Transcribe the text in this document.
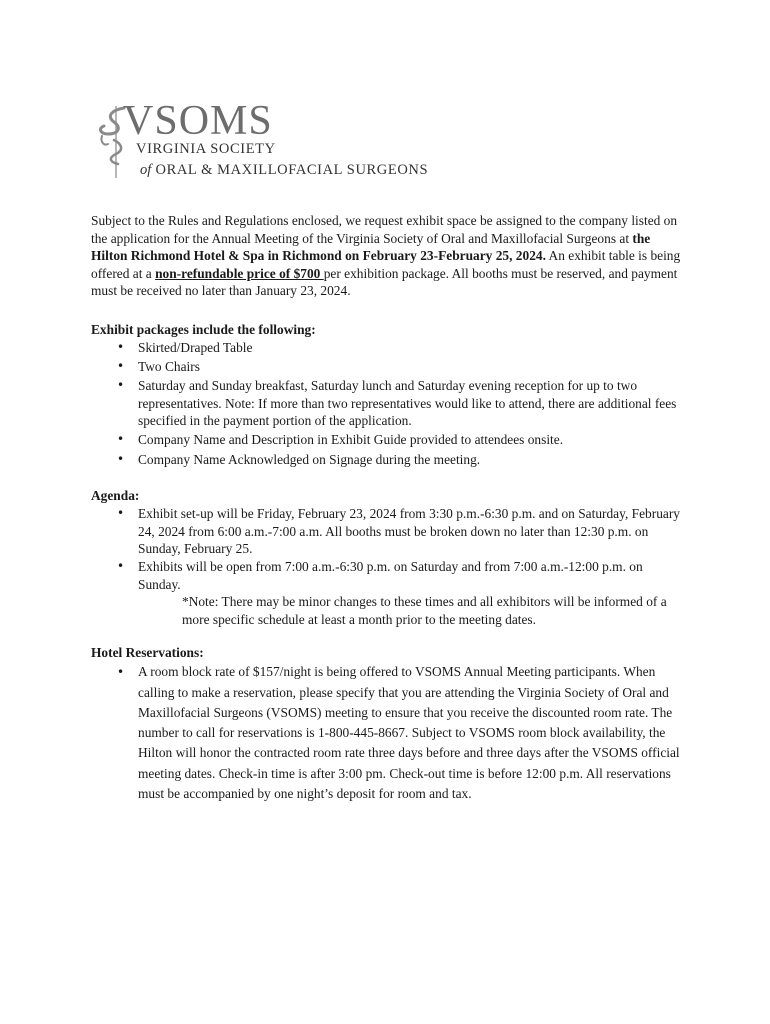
VSOMS
VIRGINIA SOCIETY
of ORAL & MAXILLOFACIAL SURGEONS

Subject to the Rules and Regulations enclosed, we request exhibit space be assigned to the company listed on the application for the Annual Meeting of the Virginia Society of Oral and Maxillofacial Surgeons at the Hilton Richmond Hotel & Spa in Richmond on February 23-February 25, 2024. An exhibit table is being offered at a non-refundable price of $700 per exhibition package. All booths must be reserved, and payment must be received no later than January 23, 2024.

Exhibit packages include the following:
• Skirted/Draped Table
• Two Chairs
• Saturday and Sunday breakfast, Saturday lunch and Saturday evening reception for up to two representatives. Note: If more than two representatives would like to attend, there are additional fees specified in the payment portion of the application.
• Company Name and Description in Exhibit Guide provided to attendees onsite.
• Company Name Acknowledged on Signage during the meeting.
Agenda:
• Exhibit set-up will be Friday, February 23, 2024 from 3:30 p.m.-6:30 p.m. and on Saturday, February 24, 2024 from 6:00 a.m.-7:00 a.m. All booths must be broken down no later than 12:30 p.m. on Sunday, February 25.
• Exhibits will be open from 7:00 a.m.-6:30 p.m. on Saturday and from 7:00 a.m.-12:00 p.m. on Sunday.
*Note: There may be minor changes to these times and all exhibitors will be informed of a more specific schedule at least a month prior to the meeting dates.
Hotel Reservations:
• A room block rate of $157/night is being offered to VSOMS Annual Meeting participants. When calling to make a reservation, please specify that you are attending the Virginia Society of Oral and Maxillofacial Surgeons (VSOMS) meeting to ensure that you receive the discounted room rate. The number to call for reservations is 1-800-445-8667. Subject to VSOMS room block availability, the Hilton will honor the contracted room rate three days before and three days after the VSOMS official meeting dates. Check-in time is after 3:00 pm. Check-out time is before 12:00 p.m. All reservations must be accompanied by one night’s deposit for room and tax.
